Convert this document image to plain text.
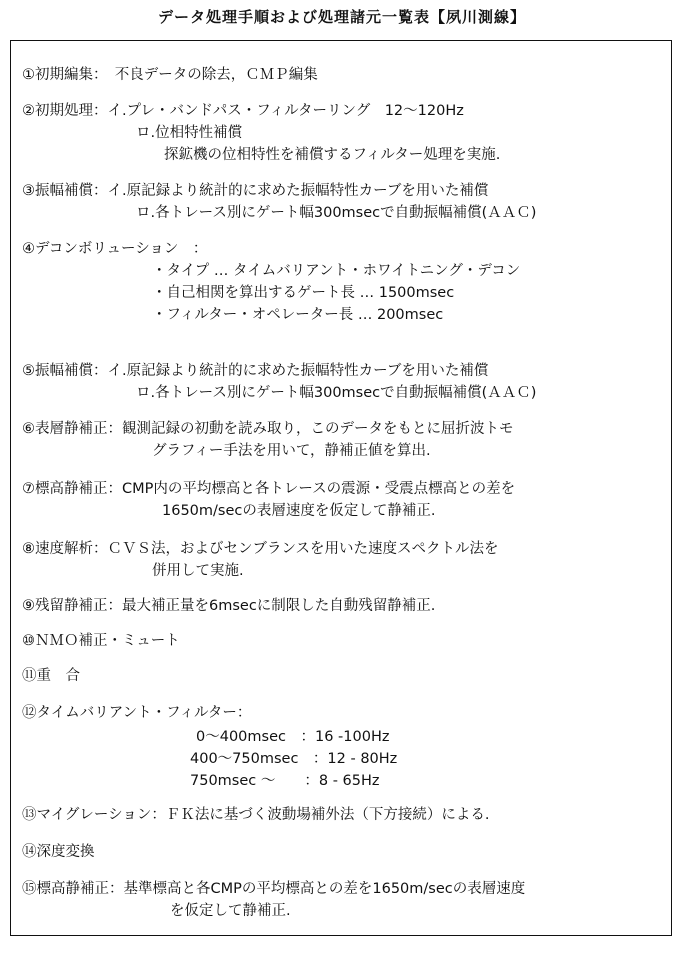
データ処理手順および処理諸元一覧表【夙川測線】
①初期編集：　不良データの除去，ＣＭＰ編集
②初期処理：イ.プレ・バンドパス・フィルターリング　12～120Hz
ロ.位相特性補償
探鉱機の位相特性を補償するフィルター処理を実施.
③振幅補償：イ.原記録より統計的に求めた振幅特性カーブを用いた補償
ロ.各トレース別にゲート幅300msecで自動振幅補償(ＡＡＣ)
④デコンボリューション　：
・タイプ … タイムバリアント・ホワイトニング・デコン
・自己相関を算出するゲート長 … 1500msec
・フィルター・オペレーター長 … 200msec
⑤振幅補償：イ.原記録より統計的に求めた振幅特性カーブを用いた補償
ロ.各トレース別にゲート幅300msecで自動振幅補償(ＡＡＣ)
⑥表層静補正：観測記録の初動を読み取り，このデータをもとに屈折波トモ
グラフィー手法を用いて，静補正値を算出.
⑦標高静補正：CMP内の平均標高と各トレースの震源・受震点標高との差を
1650m/secの表層速度を仮定して静補正.
⑧速度解析：ＣＶＳ法，およびセンブランスを用いた速度スペクトル法を
併用して実施.
⑨残留静補正：最大補正量を6msecに制限した自動残留静補正.
⑩ＮＭＯ補正・ミュート
⑪重　合
⑫タイムバリアント・フィルター：
0～400msec　：16 -100Hz
400～750msec　：12 - 80Hz
750msec ～　　：8 - 65Hz
⑬マイグレーション：ＦＫ法に基づく波動場補外法（下方接続）による.
⑭深度変換
⑮標高静補正：基準標高と各CMPの平均標高との差を1650m/secの表層速度
を仮定して静補正.
